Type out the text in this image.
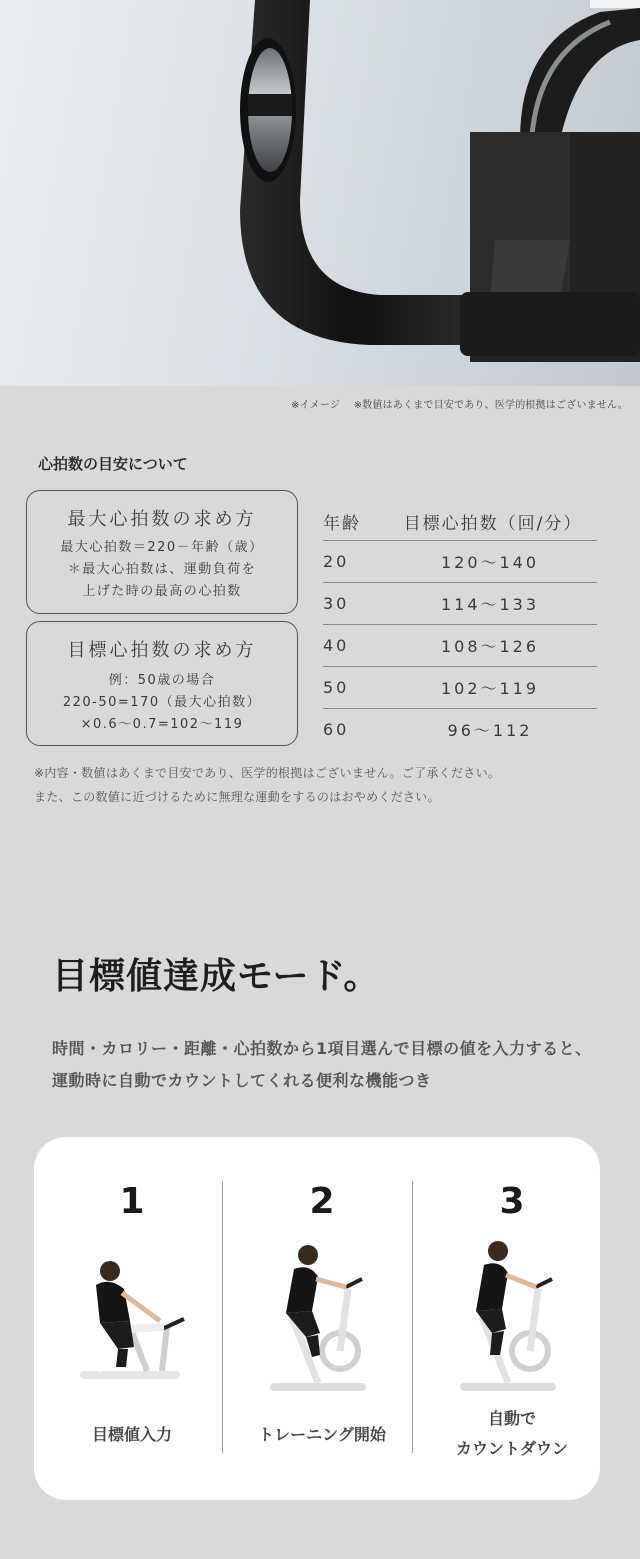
※イメージ ※数値はあくまで目安であり、医学的根拠はございません。
心拍数の目安について
最大心拍数の求め方
最大心拍数＝220－年齢（歳）
＊最大心拍数は、運動負荷を
上げた時の最高の心拍数
目標心拍数の求め方
例：50歳の場合
220-50=170（最大心拍数）
×0.6～0.7=102～119
年齢	目標心拍数（回/分）
20	120～140
30	114～133
40	108～126
50	102～119
60	96～112
※内容・数値はあくまで目安であり、医学的根拠はございません。ご了承ください。
また、この数値に近づけるために無理な運動をするのはおやめください。
目標値達成モード。
時間・カロリー・距離・心拍数から1項目選んで目標の値を入力すると、
運動時に自動でカウントしてくれる便利な機能つき
1
目標値入力
2
トレーニング開始
3
自動で
カウントダウン
